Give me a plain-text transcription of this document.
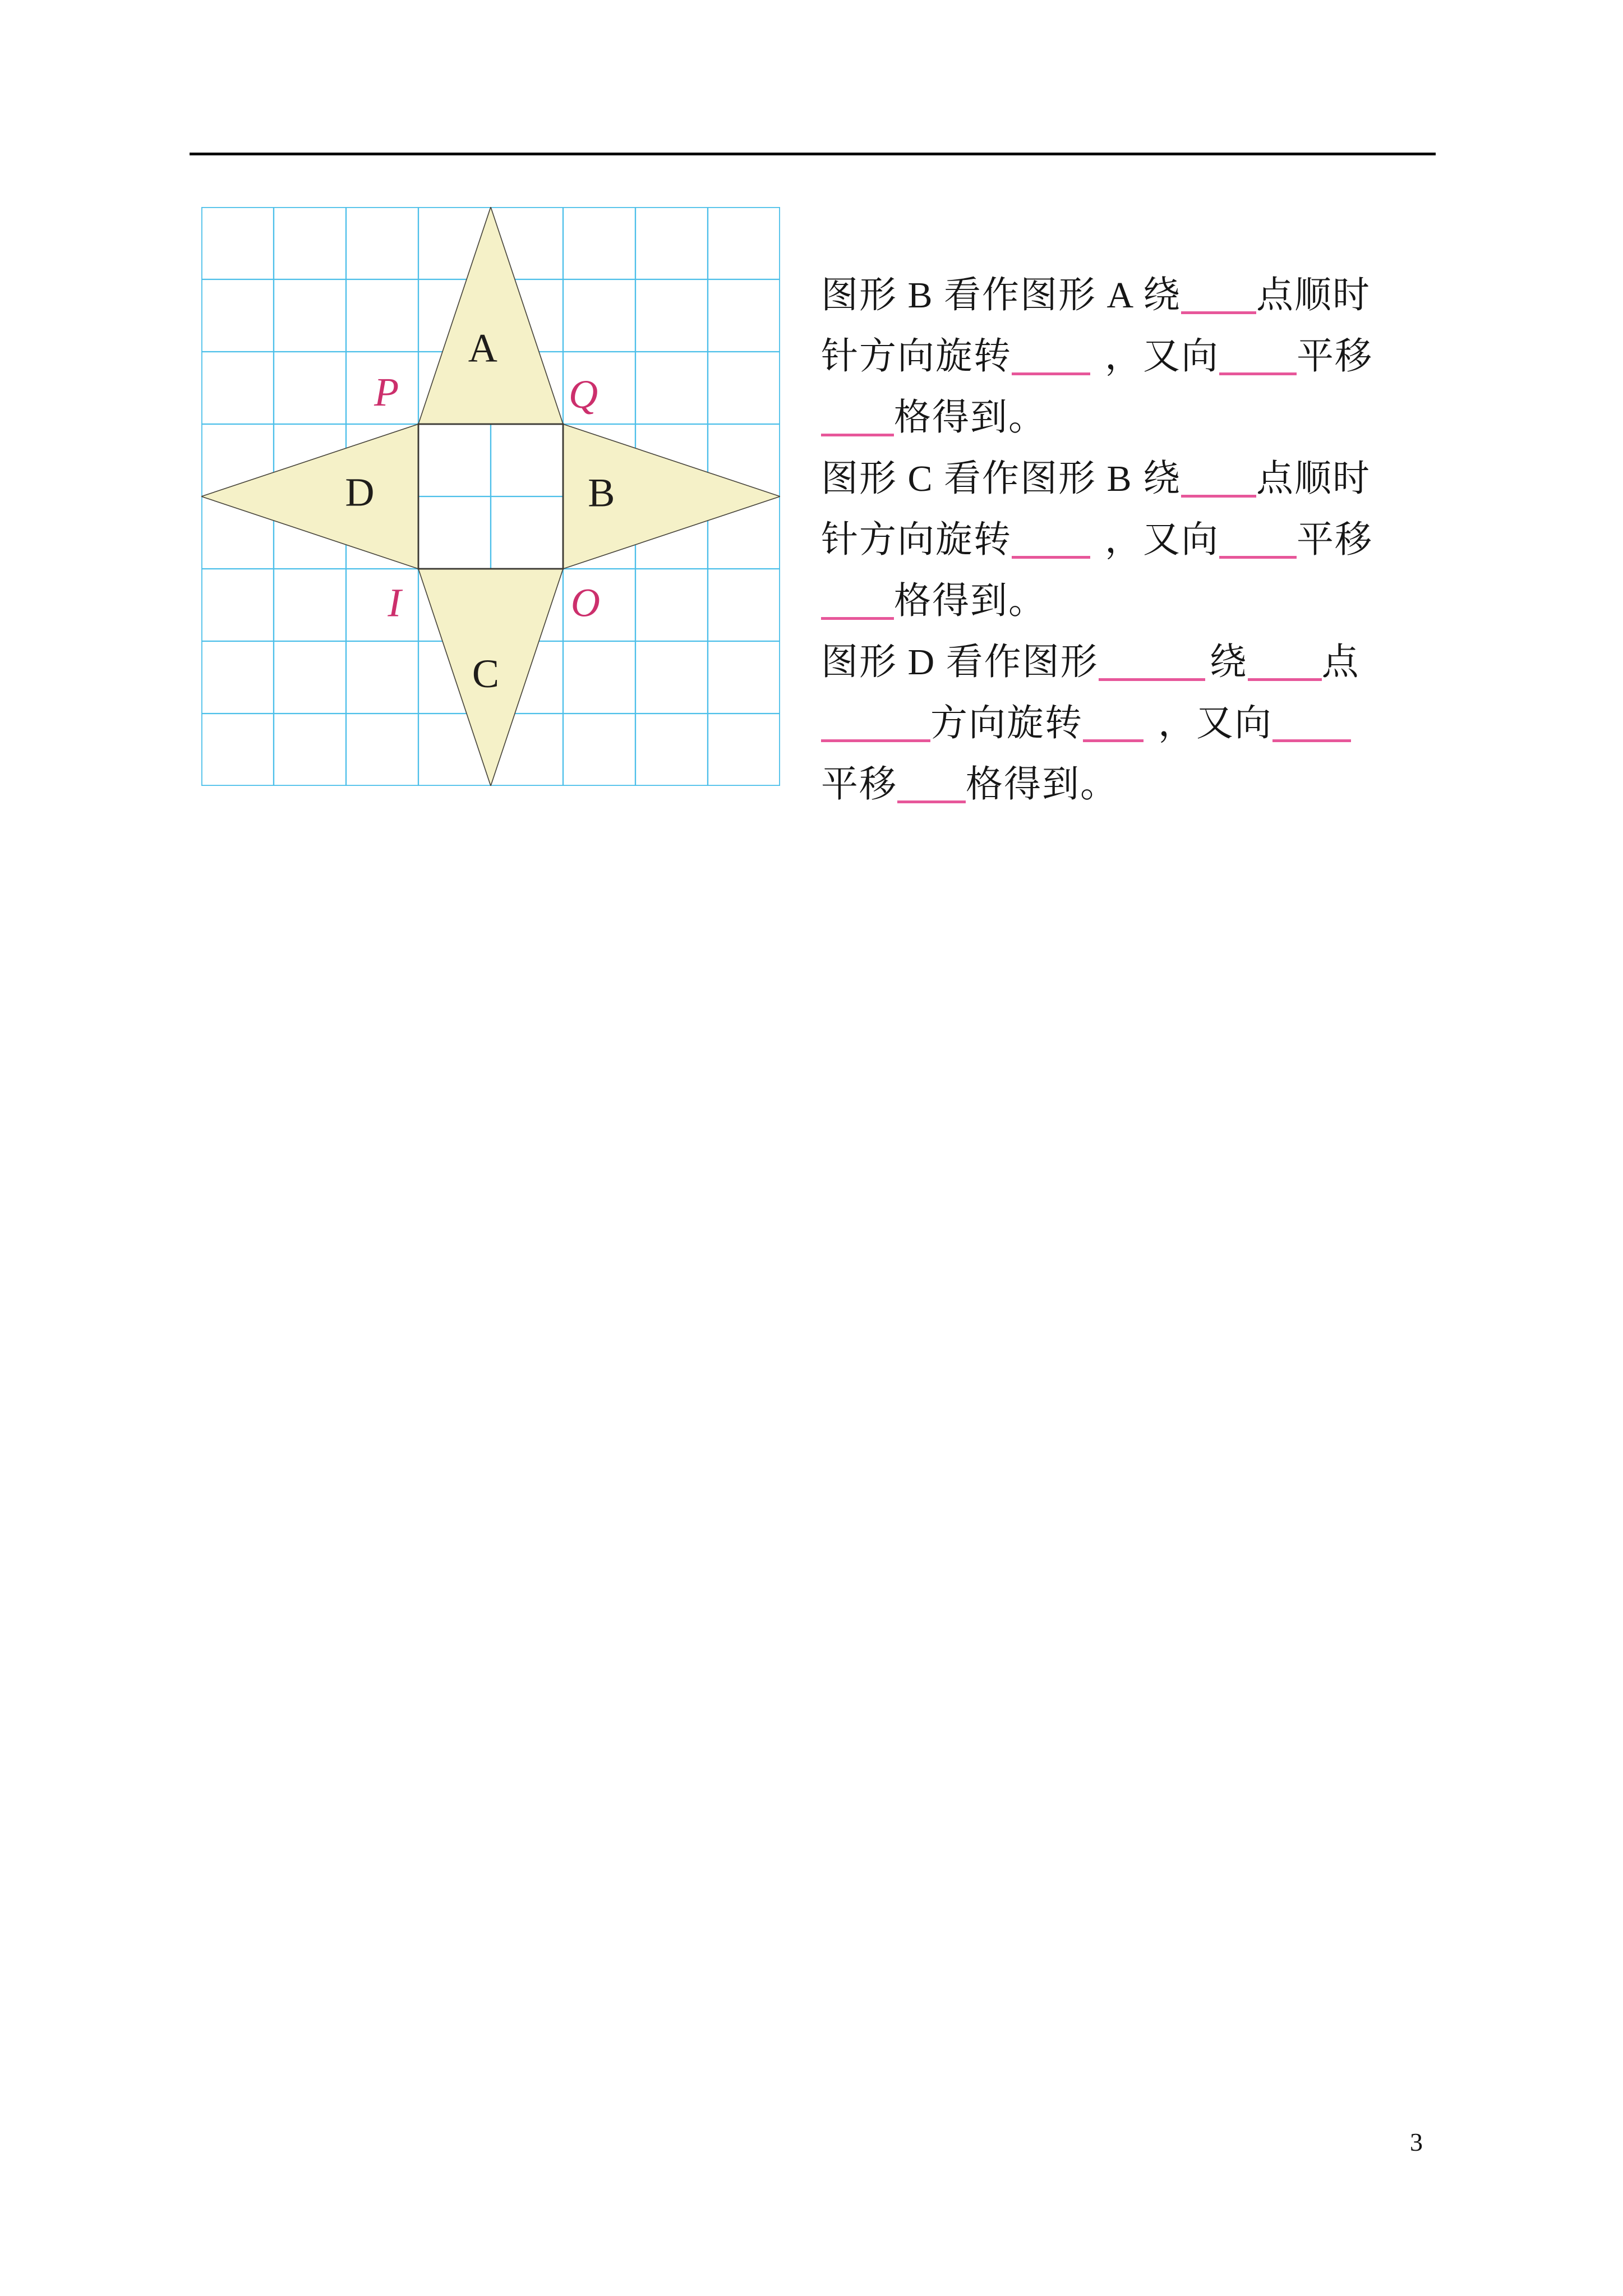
图形 B 看作图形 A 绕 点顺时
针方向旋转	，又向 平移
格得到。
图形 C 看作图形 B 绕 点顺时
针方向旋转	，又向 平移
格得到。
图形 D 看作图形	绕 点
方向旋转 ，又向
平移 格得到。
3
